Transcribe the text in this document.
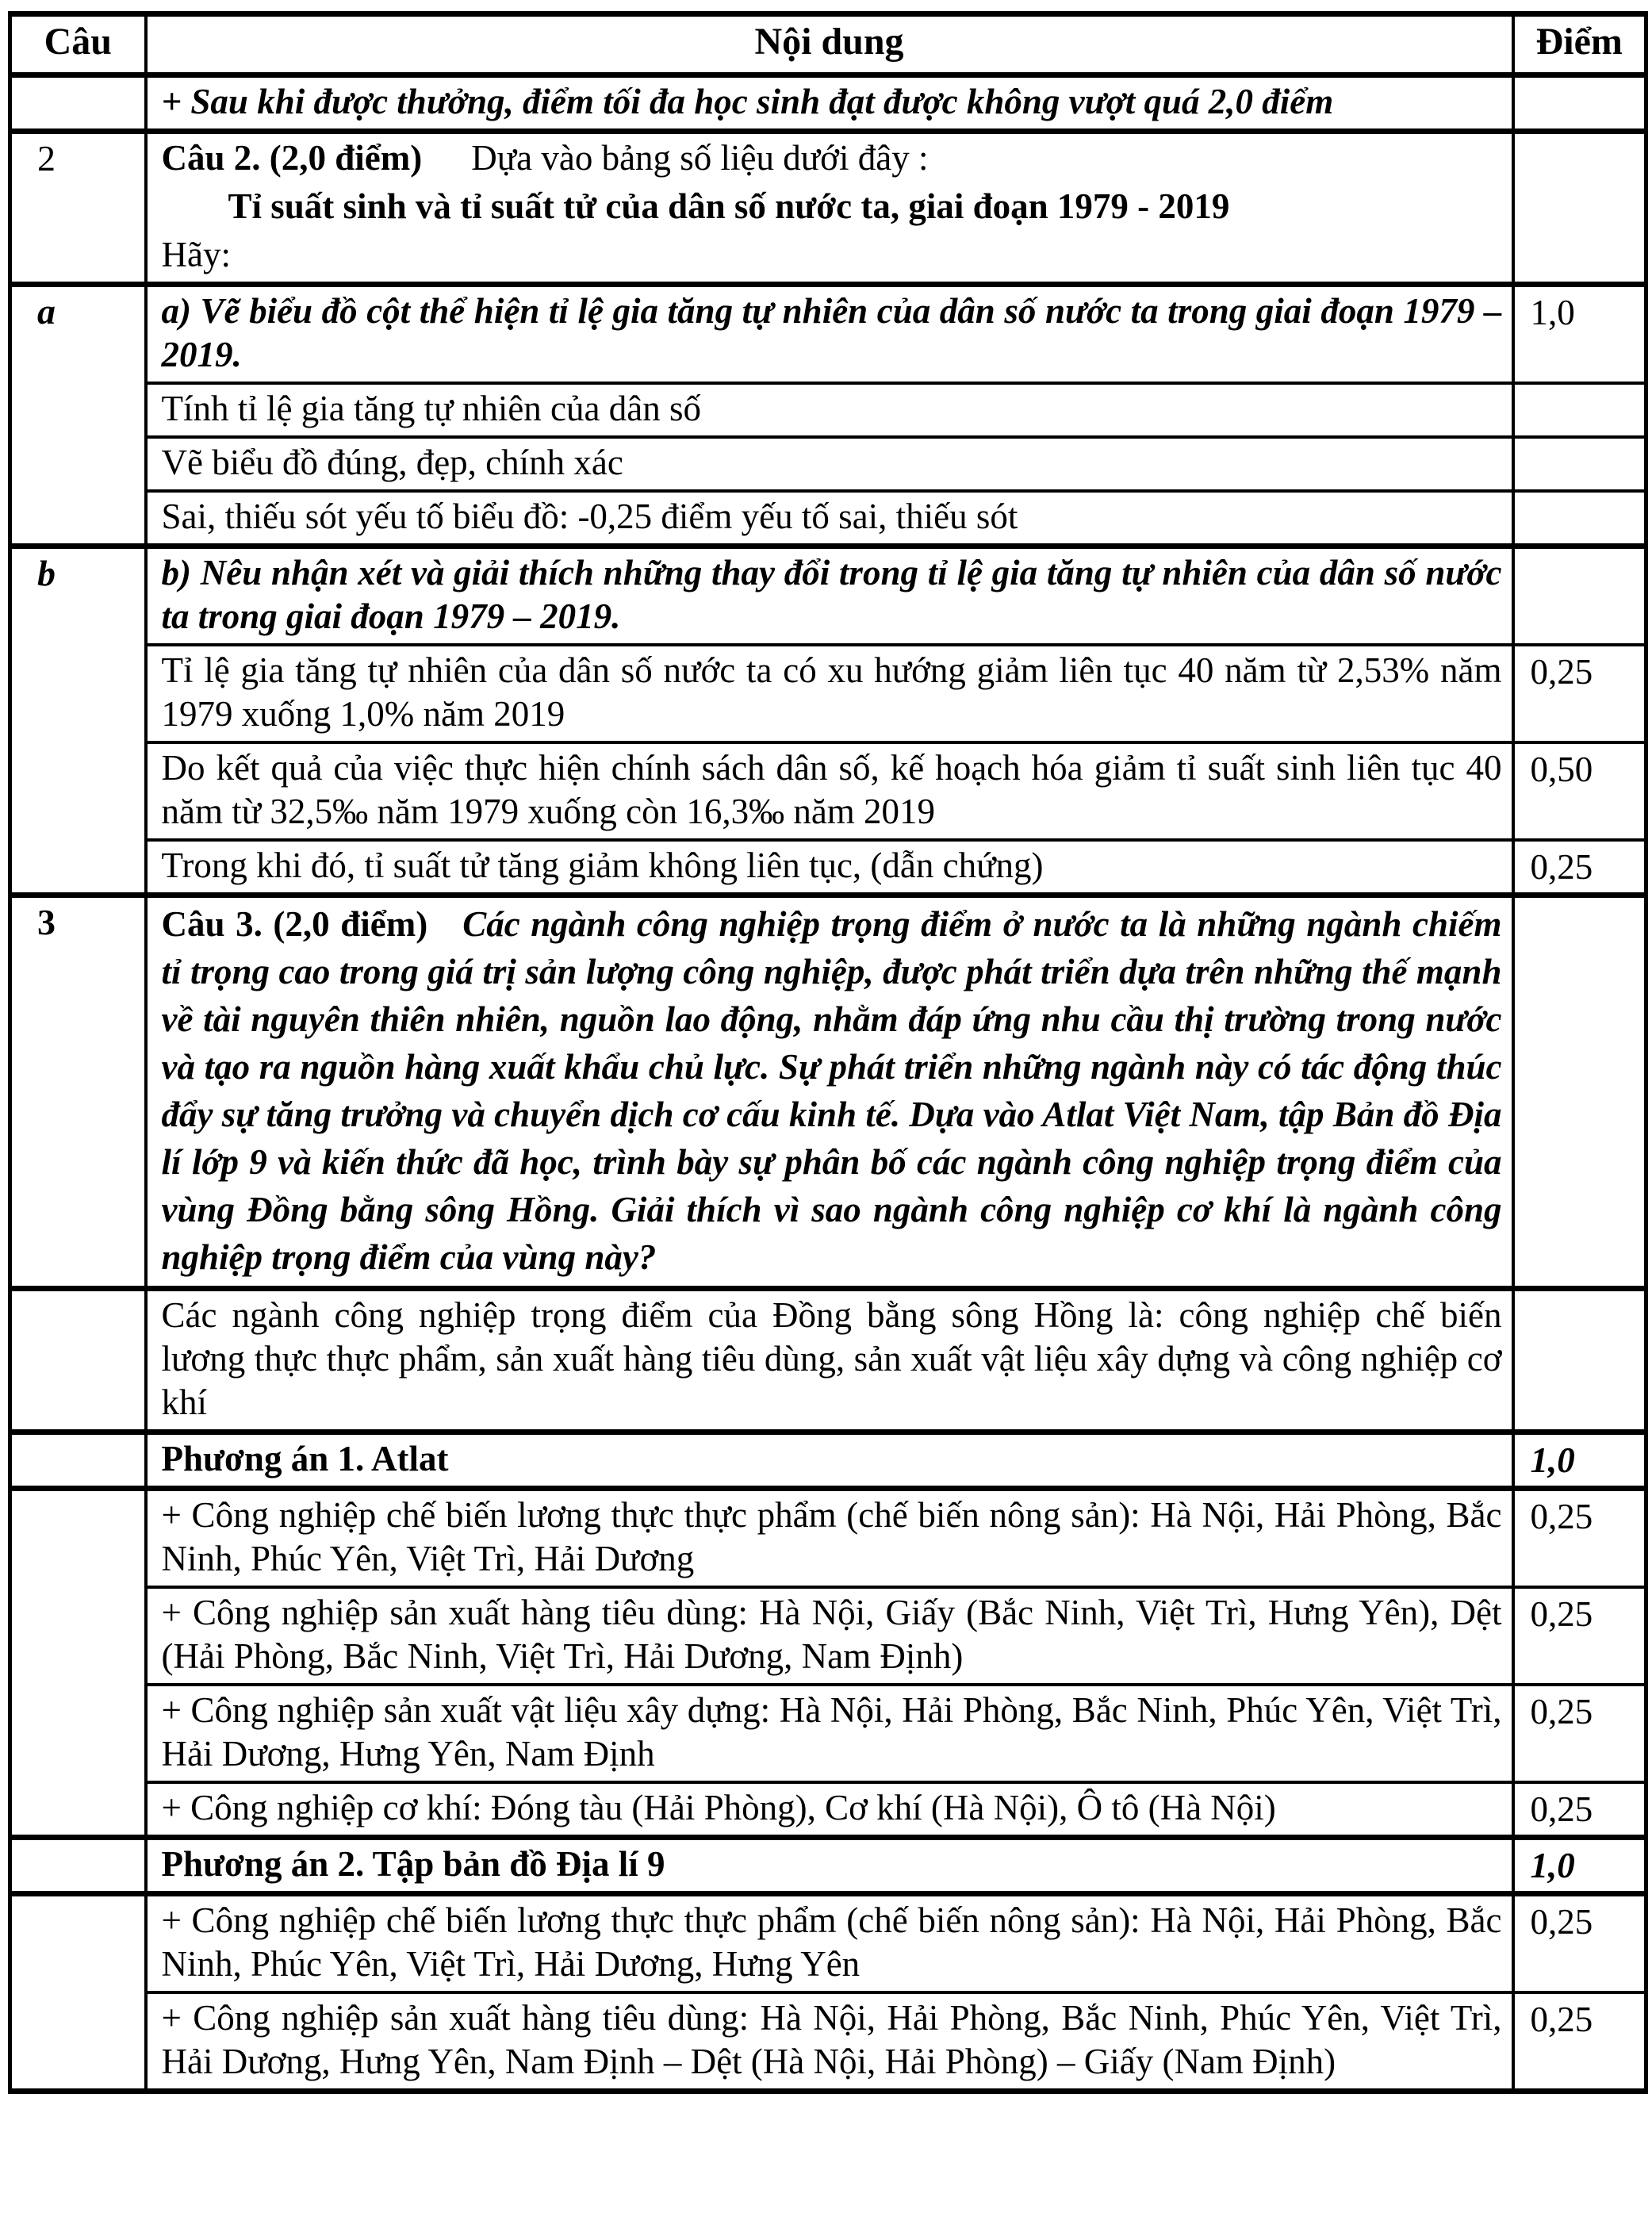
Câu	Nội dung	Điểm

	+ Sau khi được thưởng, điểm tối đa học sinh đạt được không vượt quá 2,0 điểm	

2	Câu 2. (2,0 điểm) Dựa vào bảng số liệu dưới đây :
Tỉ suất sinh và tỉ suất tử của dân số nước ta, giai đoạn 1979 - 2019
Hãy:	

a	a) Vẽ biểu đồ cột thể hiện tỉ lệ gia tăng tự nhiên của dân số nước ta trong giai đoạn 1979 – 2019.	1,0
	Tính tỉ lệ gia tăng tự nhiên của dân số	
	Vẽ biểu đồ đúng, đẹp, chính xác	
	Sai, thiếu sót yếu tố biểu đồ: -0,25 điểm yếu tố sai, thiếu sót	
b	b) Nêu nhận xét và giải thích những thay đổi trong tỉ lệ gia tăng tự nhiên của dân số nước ta trong giai đoạn 1979 – 2019.	

	Tỉ lệ gia tăng tự nhiên của dân số nước ta có xu hướng giảm liên tục 40 năm từ 2,53% năm 1979 xuống 1,0% năm 2019	0,25
	Do kết quả của việc thực hiện chính sách dân số, kế hoạch hóa giảm tỉ suất sinh liên tục 40 năm từ 32,5‰ năm 1979 xuống còn 16,3‰ năm 2019	0,50
	Trong khi đó, tỉ suất tử tăng giảm không liên tục, (dẫn chứng)	0,25
3	Câu 3. (2,0 điểm) Các ngành công nghiệp trọng điểm ở nước ta là những ngành chiếm tỉ trọng cao trong giá trị sản lượng công nghiệp, được phát triển dựa trên những thế mạnh về tài nguyên thiên nhiên, nguồn lao động, nhằm đáp ứng nhu cầu thị trường trong nước và tạo ra nguồn hàng xuất khẩu chủ lực. Sự phát triển những ngành này có tác động thúc đẩy sự tăng trưởng và chuyển dịch cơ cấu kinh tế. Dựa vào Atlat Việt Nam, tập Bản đồ Địa lí lớp 9 và kiến thức đã học, trình bày sự phân bố các ngành công nghiệp trọng điểm của vùng Đồng bằng sông Hồng. Giải thích vì sao ngành công nghiệp cơ khí là ngành công nghiệp trọng điểm của vùng này?	

	Các ngành công nghiệp trọng điểm của Đồng bằng sông Hồng là: công nghiệp chế biến lương thực thực phẩm, sản xuất hàng tiêu dùng, sản xuất vật liệu xây dựng và công nghiệp cơ khí	
	Phương án 1. Atlat	1,0
	+ Công nghiệp chế biến lương thực thực phẩm (chế biến nông sản): Hà Nội, Hải Phòng, Bắc Ninh, Phúc Yên, Việt Trì, Hải Dương	0,25
	+ Công nghiệp sản xuất hàng tiêu dùng: Hà Nội, Giấy (Bắc Ninh, Việt Trì, Hưng Yên), Dệt (Hải Phòng, Bắc Ninh, Việt Trì, Hải Dương, Nam Định)	0,25
	+ Công nghiệp sản xuất vật liệu xây dựng: Hà Nội, Hải Phòng, Bắc Ninh, Phúc Yên, Việt Trì, Hải Dương, Hưng Yên, Nam Định	0,25
	+ Công nghiệp cơ khí: Đóng tàu (Hải Phòng), Cơ khí (Hà Nội), Ô tô (Hà Nội)	0,25
	Phương án 2. Tập bản đồ Địa lí 9	1,0
	+ Công nghiệp chế biến lương thực thực phẩm (chế biến nông sản): Hà Nội, Hải Phòng, Bắc Ninh, Phúc Yên, Việt Trì, Hải Dương, Hưng Yên	0,25
	+ Công nghiệp sản xuất hàng tiêu dùng: Hà Nội, Hải Phòng, Bắc Ninh, Phúc Yên, Việt Trì, Hải Dương, Hưng Yên, Nam Định – Dệt (Hà Nội, Hải Phòng) – Giấy (Nam Định)	0,25
